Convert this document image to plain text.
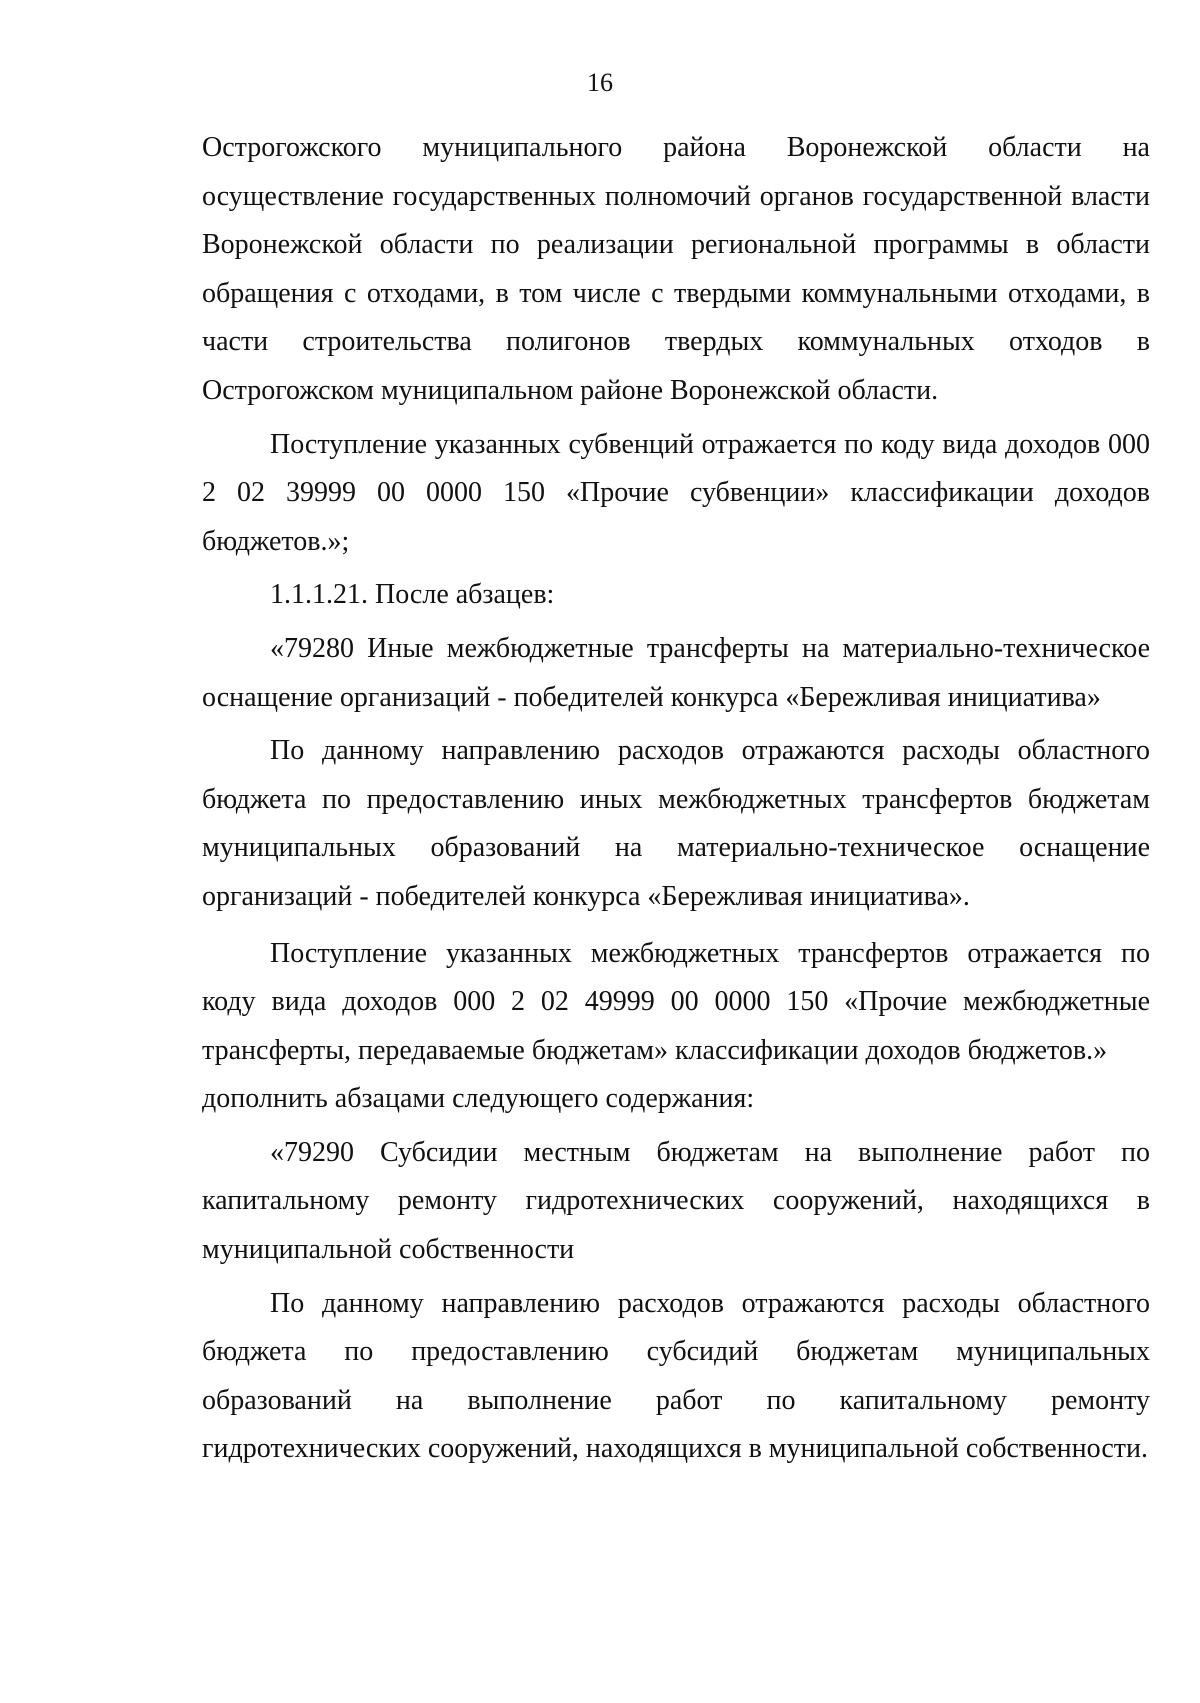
16

Острогожского муниципального района Воронежской области на осуществление государственных полномочий органов государственной власти Воронежской области по реализации региональной программы в области обращения с отходами, в том числе с твердыми коммунальными отходами, в части строительства полигонов твердых коммунальных отходов в Острогожском муниципальном районе Воронежской области.

Поступление указанных субвенций отражается по коду вида доходов 000 2 02 39999 00 0000 150 «Прочие субвенции» классификации доходов бюджетов.»;

1.1.1.21. После абзацев:

«79280 Иные межбюджетные трансферты на материально-техническое оснащение организаций - победителей конкурса «Бережливая инициатива»

По данному направлению расходов отражаются расходы областного бюджета по предоставлению иных межбюджетных трансфертов бюджетам муниципальных образований на материально-техническое оснащение организаций - победителей конкурса «Бережливая инициатива».

Поступление указанных межбюджетных трансфертов отражается по коду вида доходов 000 2 02 49999 00 0000 150 «Прочие межбюджетные трансферты, передаваемые бюджетам» классификации доходов бюджетов.»

дополнить абзацами следующего содержания:

«79290 Субсидии местным бюджетам на выполнение работ по капитальному ремонту гидротехнических сооружений, находящихся в муниципальной собственности

По данному направлению расходов отражаются расходы областного бюджета по предоставлению субсидий бюджетам муниципальных образований на выполнение работ по капитальному ремонту гидротехнических сооружений, находящихся в муниципальной собственности.
